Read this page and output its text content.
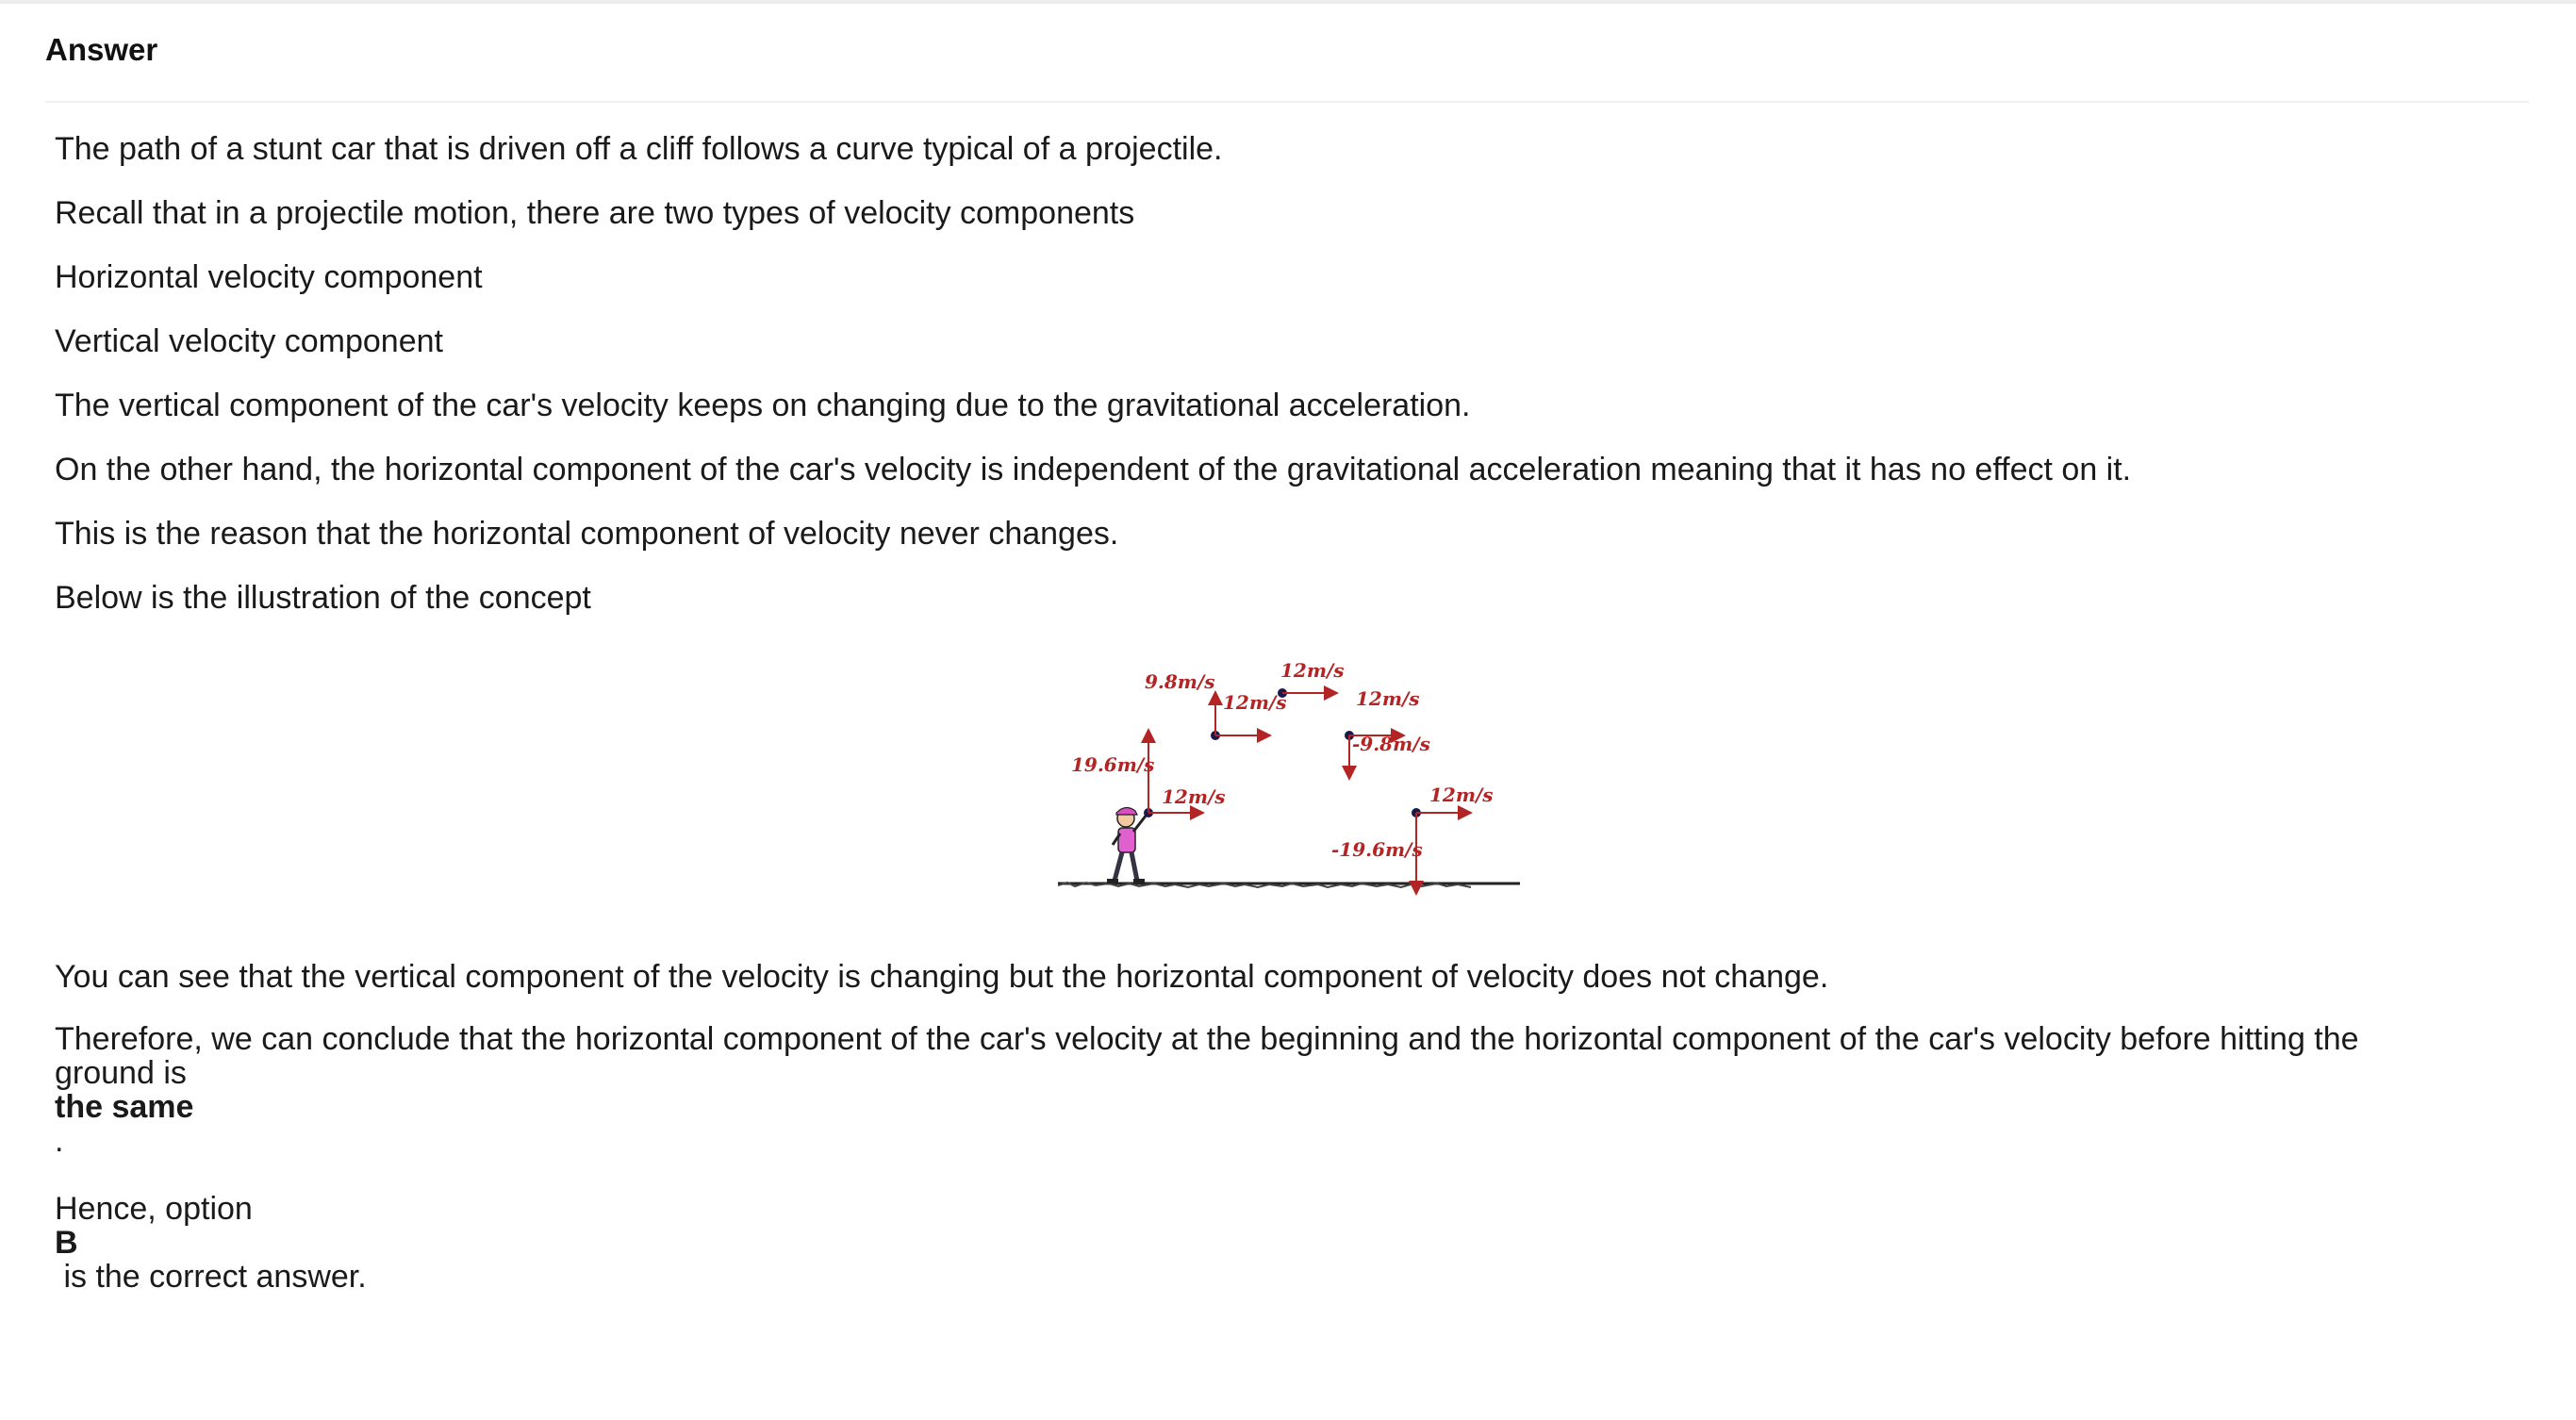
Answer

The path of a stunt car that is driven off a cliff follows a curve typical of a projectile.

Recall that in a projectile motion, there are two types of velocity components

Horizontal velocity component

Vertical velocity component

The vertical component of the car's velocity keeps on changing due to the gravitational acceleration.

On the other hand, the horizontal component of the car's velocity is independent of the gravitational acceleration meaning that it has no effect on it.

This is the reason that the horizontal component of velocity never changes.

Below is the illustration of the concept

19.6m/s
12m/s
9.8m/s
12m/s
12m/s
12m/s
-9.8m/s
12m/s
-19.6m/s

You can see that the vertical component of the velocity is changing but the horizontal component of velocity does not change.

Therefore, we can conclude that the horizontal component of the car's velocity at the beginning and the horizontal component of the car's velocity before hitting the
ground is
the same
.
Hence, option
B
is the correct answer.
